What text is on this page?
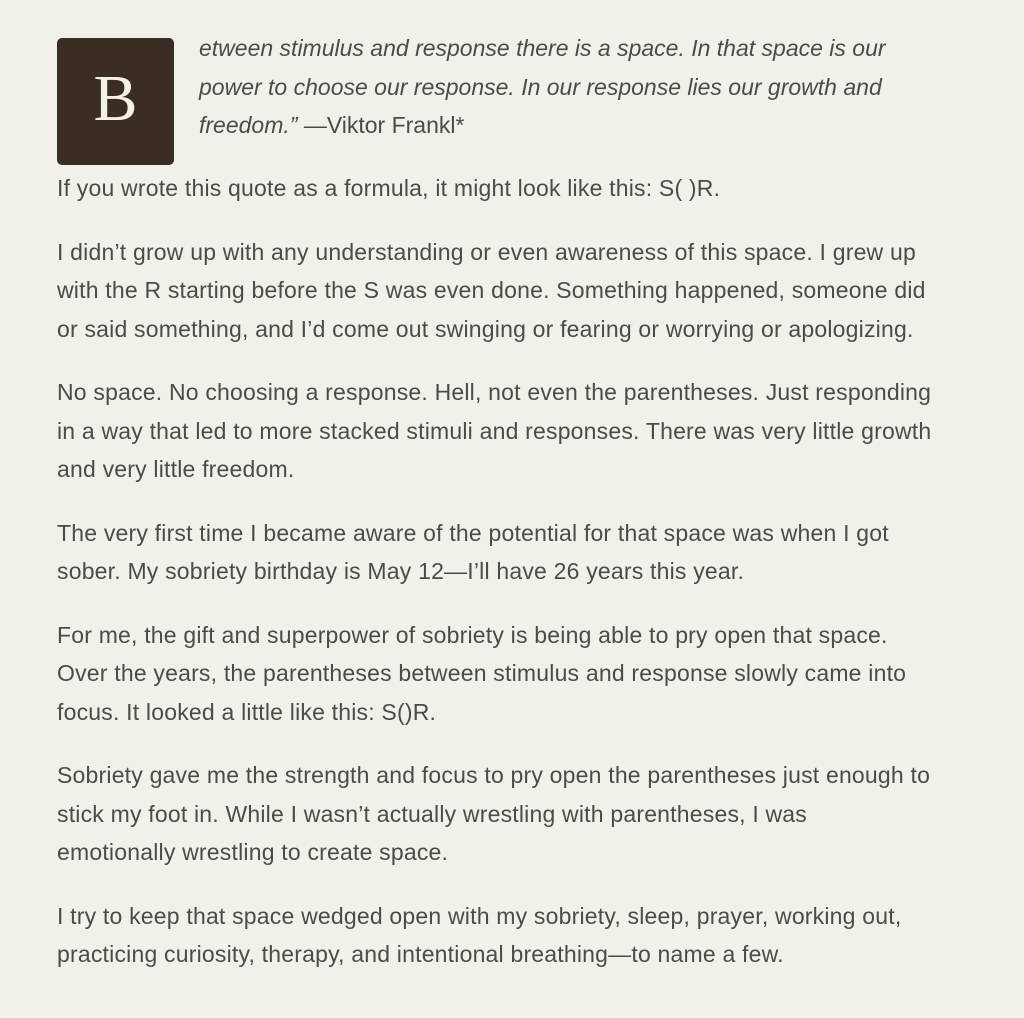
B

etween stimulus and response there is a space. In that space is our power to choose our response. In our response lies our growth and freedom.” —Viktor Frankl*

If you wrote this quote as a formula, it might look like this: S( )R.

I didn’t grow up with any understanding or even awareness of this space. I grew up with the R starting before the S was even done. Something happened, someone did or said something, and I’d come out swinging or fearing or worrying or apologizing.

No space. No choosing a response. Hell, not even the parentheses. Just responding in a way that led to more stacked stimuli and responses. There was very little growth and very little freedom.

The very first time I became aware of the potential for that space was when I got sober. My sobriety birthday is May 12—I’ll have 26 years this year.

For me, the gift and superpower of sobriety is being able to pry open that space. Over the years, the parentheses between stimulus and response slowly came into focus. It looked a little like this: S()R.

Sobriety gave me the strength and focus to pry open the parentheses just enough to stick my foot in. While I wasn’t actually wrestling with parentheses, I was emotionally wrestling to create space.

I try to keep that space wedged open with my sobriety, sleep, prayer, working out, practicing curiosity, therapy, and intentional breathing—to name a few.
